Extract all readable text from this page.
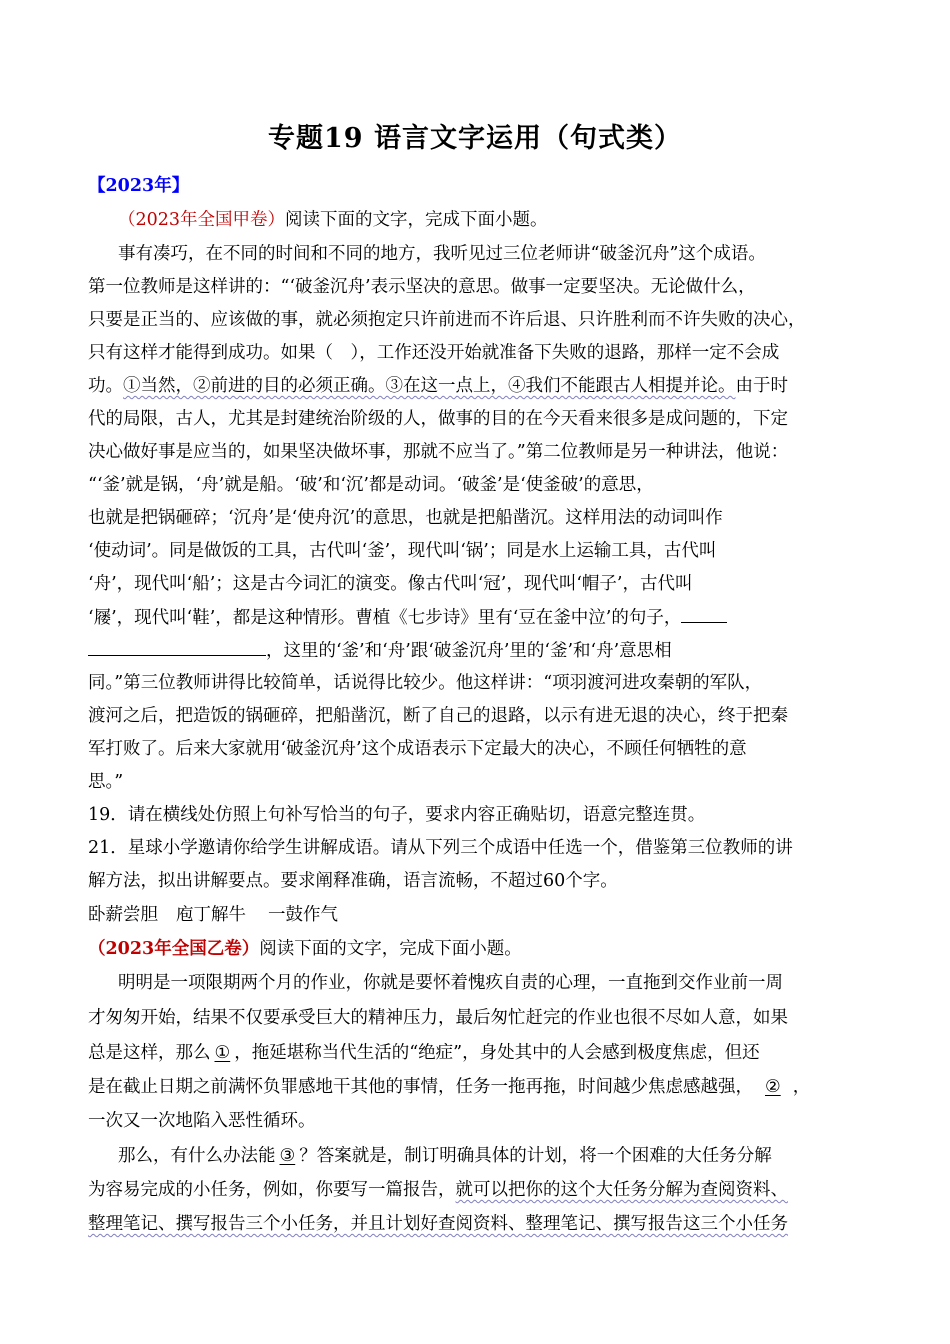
专题19 语言文字运用（句式类）
【2023年】
（2023年全国甲卷）阅读下面的文字，完成下面小题。
事有凑巧，在不同的时间和不同的地方，我听见过三位老师讲“破釜沉舟”这个成语。
第一位教师是这样讲的：“‘破釜沉舟’表示坚决的意思。做事一定要坚决。无论做什么，
只要是正当的、应该做的事，就必须抱定只许前进而不许后退、只许胜利而不许失败的决心，
只有这样才能得到成功。如果（　），工作还没开始就准备下失败的退路，那样一定不会成
功。①当然，②前进的目的必须正确。③在这一点上，④我们不能跟古人相提并论。由于时
代的局限，古人，尤其是封建统治阶级的人，做事的目的在今天看来很多是成问题的，下定
决心做好事是应当的，如果坚决做坏事，那就不应当了。”第二位教师是另一种讲法，他说：
“‘釜’就是锅，‘舟’就是船。‘破’和‘沉’都是动词。‘破釜’是‘使釜破’的意思，
也就是把锅砸碎；‘沉舟’是‘使舟沉’的意思，也就是把船凿沉。这样用法的动词叫作
‘使动词’。同是做饭的工具，古代叫‘釜’，现代叫‘锅’；同是水上运输工具，古代叫
‘舟’，现代叫‘船’；这是古今词汇的演变。像古代叫‘冠’，现代叫‘帽子’，古代叫
‘屦’，现代叫‘鞋’，都是这种情形。曹植《七步诗》里有‘豆在釜中泣’的句子，
，这里的‘釜’和‘舟’跟‘破釜沉舟’里的‘釜’和‘舟’意思相
同。”第三位教师讲得比较简单，话说得比较少。他这样讲：“项羽渡河进攻秦朝的军队，
渡河之后，把造饭的锅砸碎，把船凿沉，断了自己的退路，以示有进无退的决心，终于把秦
军打败了。后来大家就用‘破釜沉舟’这个成语表示下定最大的决心，不顾任何牺牲的意
思。”
19．请在横线处仿照上句补写恰当的句子，要求内容正确贴切，语意完整连贯。
21．星球小学邀请你给学生讲解成语。请从下列三个成语中任选一个，借鉴第三位教师的讲
解方法，拟出讲解要点。要求阐释准确，语言流畅，不超过60个字。
卧薪尝胆 庖丁解牛 一鼓作气
（2023年全国乙卷）阅读下面的文字，完成下面小题。
明明是一项限期两个月的作业，你就是要怀着愧疚自责的心理，一直拖到交作业前一周
才匆匆开始，结果不仅要承受巨大的精神压力，最后匆忙赶完的作业也很不尽如人意，如果
总是这样，那么 ① ，拖延堪称当代生活的“绝症”，身处其中的人会感到极度焦虑，但还
是在截止日期之前满怀负罪感地干其他的事情，任务一拖再拖，时间越少焦虑感越强， ② ，
一次又一次地陷入恶性循环。
那么，有什么办法能 ③ ？答案就是，制订明确具体的计划，将一个困难的大任务分解
为容易完成的小任务，例如，你要写一篇报告，就可以把你的这个大任务分解为查阅资料、
整理笔记、撰写报告三个小任务，并且计划好查阅资料、整理笔记、撰写报告这三个小任务
